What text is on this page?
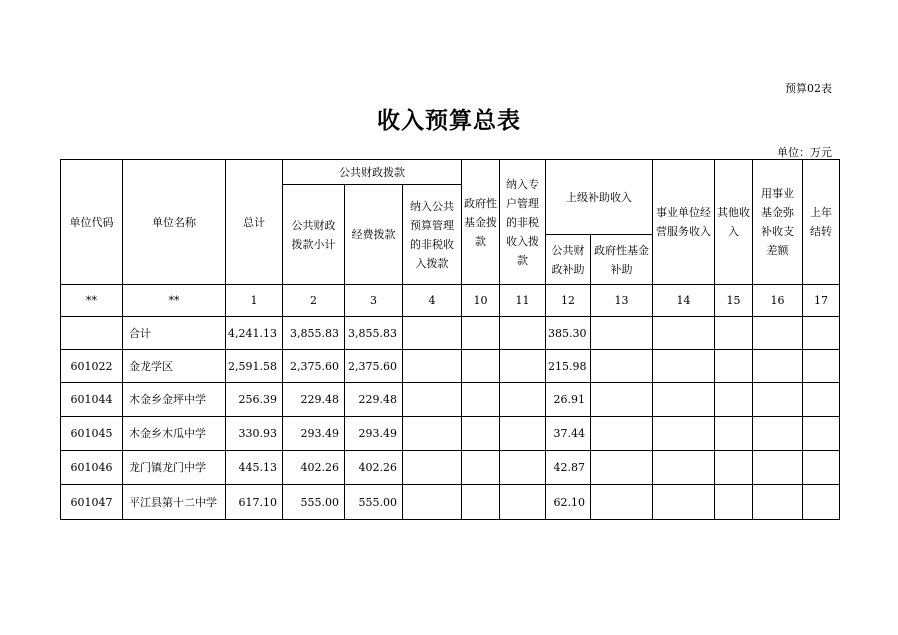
预算02表
收入预算总表
单位：万元
单位代码	单位名称	总计	公共财政拨款			政府性基金拨款	纳入专户管理的非税收入拨款	上级补助收入		事业单位经营服务收入	其他收入	用事业基金弥补收支差额	上年结转
			公共财政拨款小计	经费拨款	纳入公共预算管理的非税收入拨款								
								公共财政补助	政府性基金补助				
**	**	1	2	3	4	10	11	12	13	14	15	16	17
	合计	4,241.13	3,855.83	3,855.83				385.30					
601022	金龙学区	2,591.58	2,375.60	2,375.60				215.98					
601044	木金乡金坪中学	256.39	229.48	229.48				26.91					
601045	木金乡木瓜中学	330.93	293.49	293.49				37.44					
601046	龙门镇龙门中学	445.13	402.26	402.26				42.87					
601047	平江县第十二中学	617.10	555.00	555.00				62.10					
